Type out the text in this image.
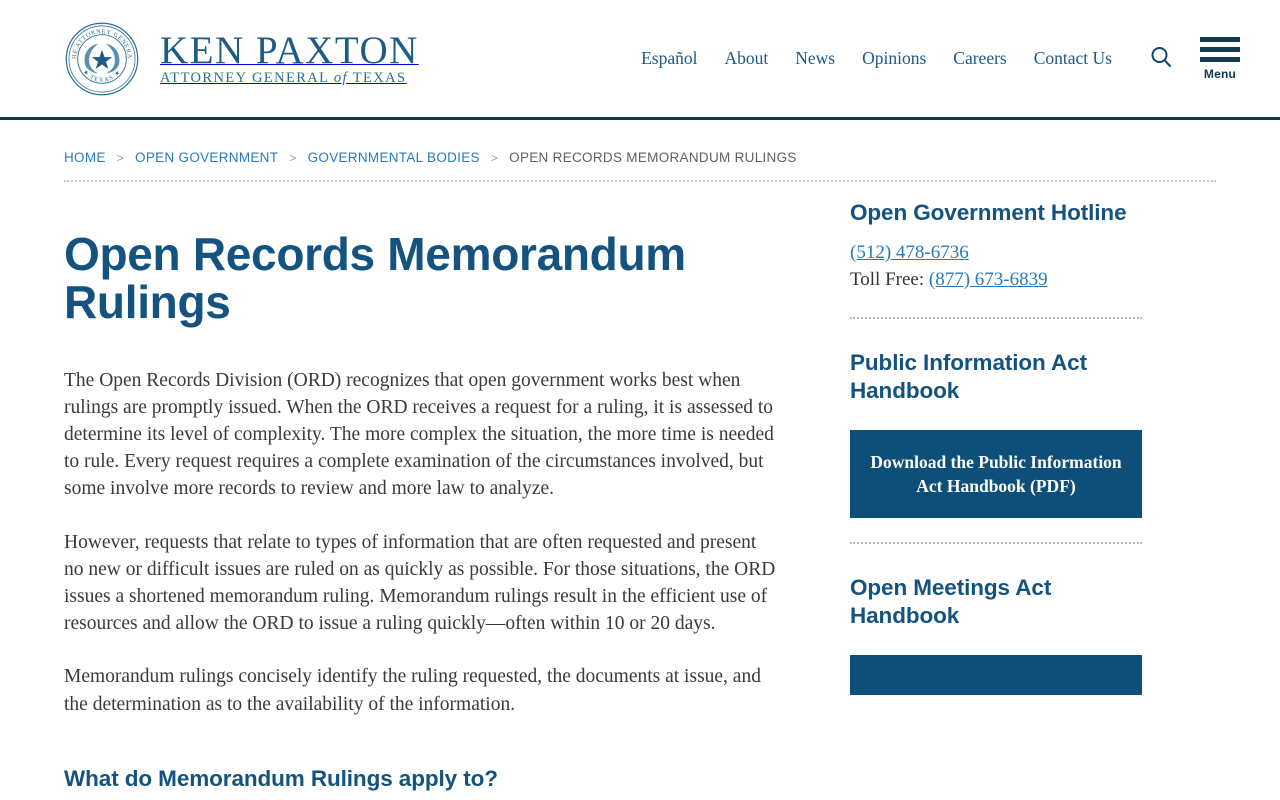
HE ATTORNEY GENERA
★ TEXAS ★
KEN PAXTON ATTORNEY GENERAL of TEXAS
Español About News Opinions Careers Contact Us
Menu
HOME > OPEN GOVERNMENT > GOVERNMENTAL BODIES > OPEN RECORDS MEMORANDUM RULINGS
Open Records Memorandum Rulings

The Open Records Division (ORD) recognizes that open government works best when rulings are promptly issued. When the ORD receives a request for a ruling, it is assessed to determine its level of complexity. The more complex the situation, the more time is needed to rule. Every request requires a complete examination of the circumstances involved, but some involve more records to review and more law to analyze.

However, requests that relate to types of information that are often requested and present no new or difficult issues are ruled on as quickly as possible. For those situations, the ORD issues a shortened memorandum ruling. Memorandum rulings result in the efficient use of resources and allow the ORD to issue a ruling quickly—often within 10 or 20 days.

Memorandum rulings concisely identify the ruling requested, the documents at issue, and the determination as to the availability of the information.

What do Memorandum Rulings apply to?
Open Government Hotline
(512) 478-6736
Toll Free: (877) 673-6839
Public Information Act Handbook
Download the Public Information Act Handbook (PDF)
Open Meetings Act Handbook
